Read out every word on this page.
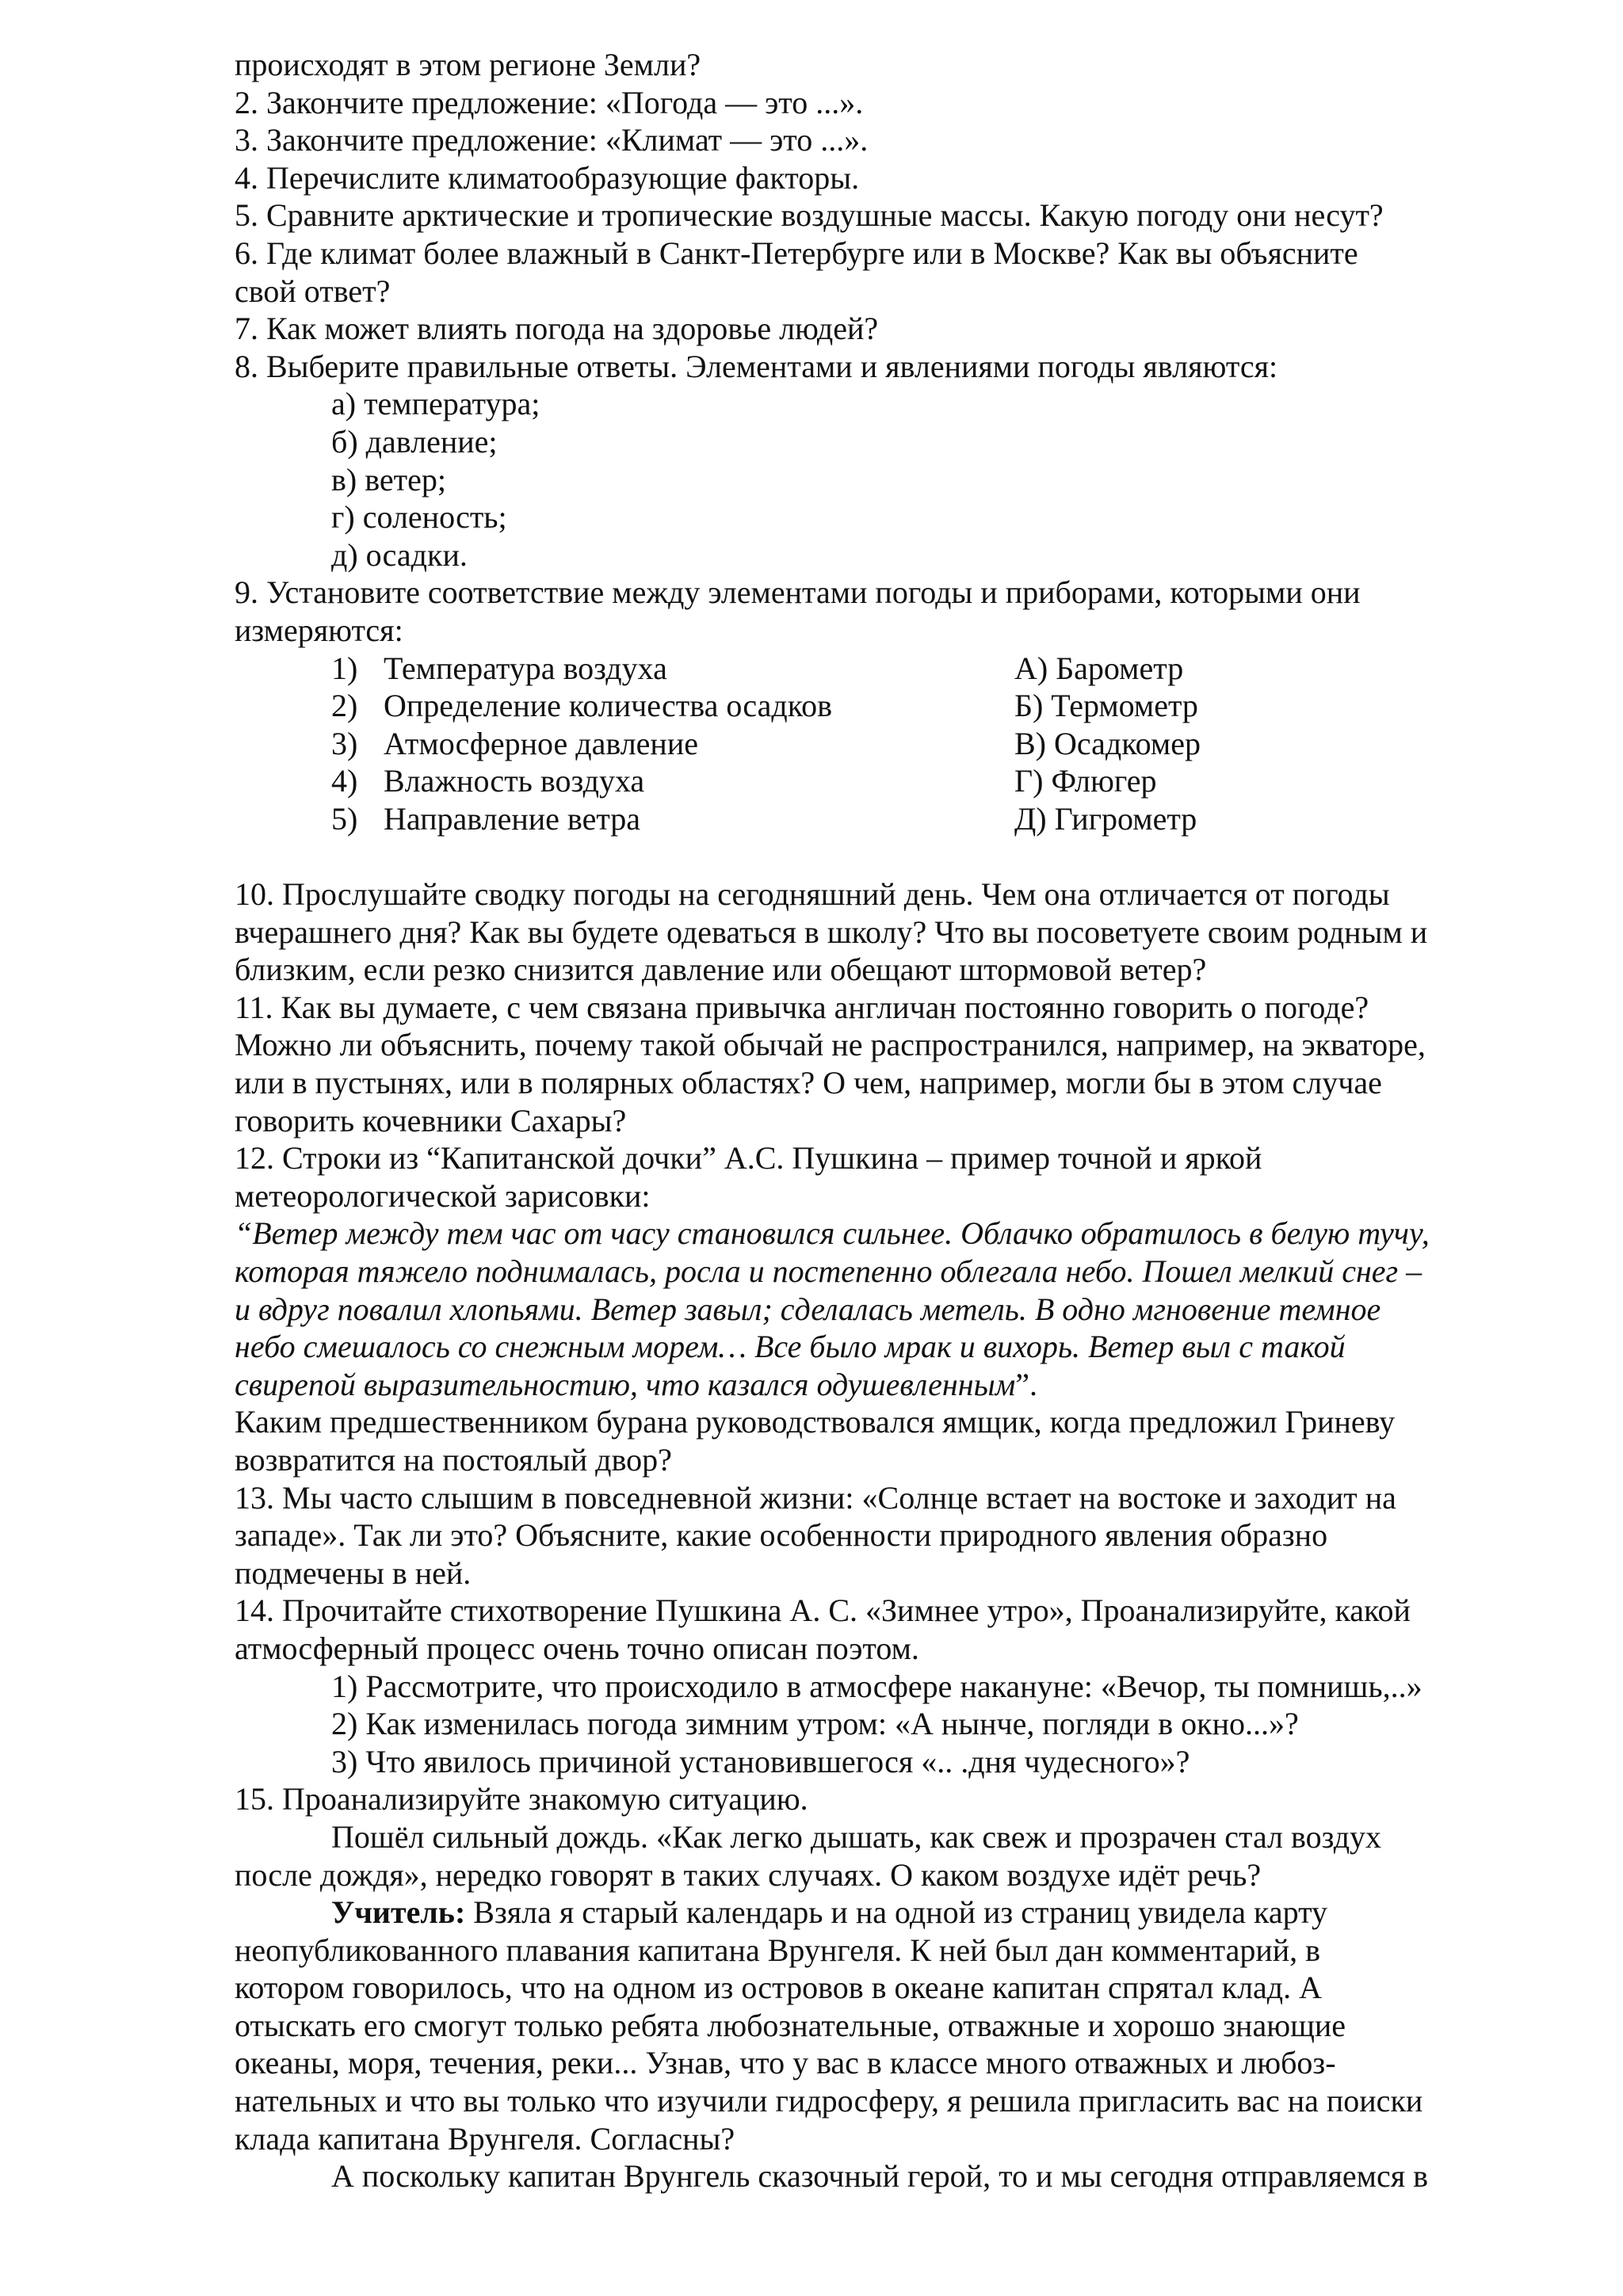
происходят в этом регионе Земли?
2. Закончите предложение: «Погода — это ...».
3. Закончите предложение: «Климат — это ...».
4. Перечислите климатообразующие факторы.
5. Сравните арктические и тропические воздушные массы. Какую погоду они несут?
6. Где климат более влажный в Санкт-Петербурге или в Москве? Как вы объясните
свой ответ?
7. Как может влиять погода на здоровье людей?
8. Выберите правильные ответы. Элементами и явлениями погоды являются:
а) температура;
б) давление;
в) ветер;
г) соленость;
д) осадки.
9. Установите соответствие между элементами погоды и приборами, которыми они
измеряются:
1) Температура воздуха	А) Барометр
2) Определение количества осадков	Б) Термометр
3) Атмосферное давление	В) Осадкомер
4) Влажность воздуха	Г) Флюгер
5) Направление ветра	Д) Гигрометр
10. Прослушайте сводку погоды на сегодняшний день. Чем она отличается от погоды
вчерашнего дня? Как вы будете одеваться в школу? Что вы посоветуете своим родным и
близким, если резко снизится давление или обещают штормовой ветер?
11. Как вы думаете, с чем связана привычка англичан постоянно говорить о погоде?
Можно ли объяснить, почему такой обычай не распространился, например, на экваторе,
или в пустынях, или в полярных областях? О чем, например, могли бы в этом случае
говорить кочевники Сахары?
12. Строки из “Капитанской дочки” А.С. Пушкина – пример точной и яркой
метеорологической зарисовки:
“Ветер между тем час от часу становился сильнее. Облачко обратилось в белую тучу,
которая тяжело поднималась, росла и постепенно облегала небо. Пошел мелкий снег –
и вдруг повалил хлопьями. Ветер завыл; сделалась метель. В одно мгновение темное
небо смешалось со снежным морем… Все было мрак и вихорь. Ветер выл с такой
свирепой выразительностию, что казался одушевленным”.
Каким предшественником бурана руководствовался ямщик, когда предложил Гриневу
возвратится на постоялый двор?
13. Мы часто слышим в повседневной жизни: «Солнце встает на востоке и заходит на
западе». Так ли это? Объясните, какие особенности природного явления образно
подмечены в ней.
14. Прочитайте стихотворение Пушкина А. С. «Зимнее утро», Проанализируйте, какой
атмосферный процесс очень точно описан поэтом.
1) Рассмотрите, что происходило в атмосфере накануне: «Вечор, ты помнишь,..»
2) Как изменилась погода зимним утром: «А нынче, погляди в окно...»?
3) Что явилось причиной установившегося «.. .дня чудесного»?
15. Проанализируйте знакомую ситуацию.
Пошёл сильный дождь. «Как легко дышать, как свеж и прозрачен стал воздух
после дождя», нередко говорят в таких случаях. О каком воздухе идёт речь?
Учитель: Взяла я старый календарь и на одной из страниц увидела карту
неопубликованного плавания капитана Врунгеля. К ней был дан комментарий, в
котором говорилось, что на одном из островов в океане капитан спрятал клад. А
отыскать его смогут только ребята любознательные, отважные и хорошо знающие
океаны, моря, течения, реки... Узнав, что у вас в классе много отважных и любоз-
нательных и что вы только что изучили гидросферу, я решила пригласить вас на поиски
клада капитана Врунгеля. Согласны?
А поскольку капитан Врунгель сказочный герой, то и мы сегодня отправляемся в
